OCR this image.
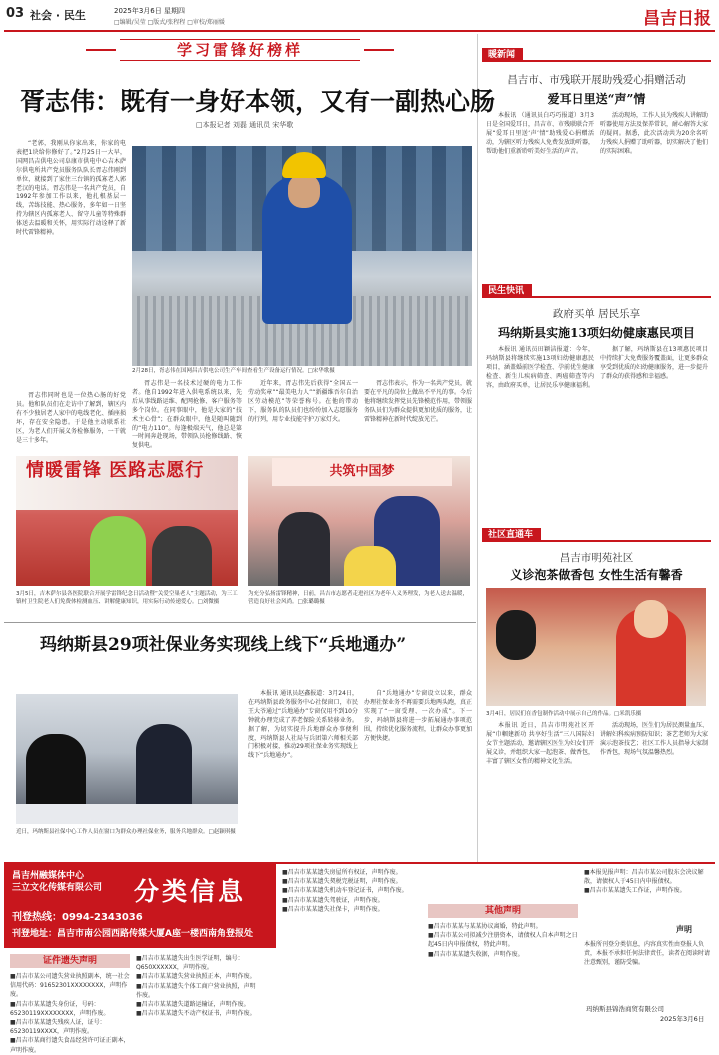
03 社会 · 民生	2025年3月6日 星期四
□编辑/吴莹 □版式/张程程 □审校/郑丽媛	昌吉日报
学习雷锋好榜样
胥志伟：既有一身好本领，又有一副热心肠
□本报记者 刘磊 通讯员 宋华歌
“老郭，我刚从你家出来，你家的电表把1块给你修好了。”2月25日一大早，国网昌吉供电公司阜康市供电中心吉木萨尔供电所共产党员服务队队长胥志伟刚到单位，就接到了家住三台镇的孤寡老人郭老汉的电话。胥志伟是一名共产党员，自1992年参加工作以来，他扎根基层一线，苦练技能、热心服务，多年如一日坚持为辖区内孤寡老人、留守儿童等特殊群体送去温暖和关怀，用实际行动诠释了新时代雷锋精神。
2月28日，胥志伟在国网昌吉供电公司生产车间查看生产设备运行情况。□宋华歌摄
胥志伟是一名技术过硬的电力工作者。他自1992年进入供电系统以来，先后从事线路运维、配网抢修、客户服务等多个岗位。在同事眼中，他是大家的“技术主心骨”；在群众眼中，他是随叫随到的“电力110”。每逢极端天气，他总是第一时间奔赴现场，带领队员抢修线路、恢复供电。
近年来，胥志伟先后获得“全国五一劳动奖章”“最美电力人”“新疆维吾尔自治区劳动模范”等荣誉称号。在他的带动下，服务队的队员们也纷纷加入志愿服务的行列，用专业技能守护万家灯火。
胥志伟表示，作为一名共产党员，就要在平凡的岗位上做出不平凡的事。今后他将继续发挥党员先锋模范作用，带领服务队员们为群众提供更加优质的服务，让雷锋精神在新时代绽放光芒。
胥志伟同时也是一位热心肠的好党员。他和队员们在走访中了解到，辖区内有不少独居老人家中的电线老化、插座损坏，存在安全隐患。于是他主动联系社区，为老人们开展义务检修服务，一干就是三十多年。
情暖雷锋 医路志愿行
3月5日，吉木萨尔县各医院联合开展学雷锋纪念日活动暨“关爱空巢老人”主题活动，为三工镇村卫生院老人们免费体检测血压、讲解健康知识，用实际行动传递爱心。□刘微摄
共筑中国梦
为充分弘扬雷锋精神，日前，昌吉市志愿者走进社区为老年人义务理发，为老人送去温暖，营造良好社会风尚。□张璐璐摄
玛纳斯县29项社保业务实现线上线下“兵地通办”
近日，玛纳斯县社保中心工作人员在窗口为群众办理社保业务，服务兵地群众。□赵颖琪摄
本报讯 通讯员赵鑫报道：3月24日，在玛纳斯县政务服务中心社保窗口，市民王大爷通过“兵地通办”专窗仅用不到10分钟就办理完成了养老保险关系转移业务。据了解，为切实提升兵地群众办事便利度，玛纳斯县人社局与兵团第六师相关部门积极对接，推动29项社保业务实现线上线下“兵地通办”。
自“兵地通办”专窗设立以来，群众办理社保业务不再需要兵地两头跑，真正实现了“一窗受理、一次办成”。下一步，玛纳斯县将进一步拓展通办事项范围，持续优化服务流程，让群众办事更加方便快捷。
暖新闻
昌吉市、市残联开展助残爱心捐赠活动
爱耳日里送“声”情
本报讯 （通讯员白巧巧报道）3月3日是全国爱耳日，昌吉市、市残联联合开展“爱耳日里送‘声’情”助残爱心捐赠活动，为辖区听力残疾人免费发放助听器，帮助他们重新聆听美好生活的声音。
活动现场，工作人员为残疾人讲解助听器使用方法及保养常识，耐心解答大家的疑问。据悉，此次活动共为20余名听力残疾人捐赠了助听器，切实解决了他们的实际困难。
民生快讯
政府买单 居民乐享
玛纳斯县实施13项妇幼健康惠民项目
本报讯 通讯员田颖洁报道：今年，玛纳斯县将继续实施13项妇幼健康惠民项目，涵盖婚前医学检查、孕前优生健康检查、新生儿疾病筛查、两癌筛查等内容，由政府买单，让居民乐享健康福利。
据了解，玛纳斯县在13项惠民项目中持续扩大免费服务覆盖面，让更多群众享受到优质的妇幼健康服务，进一步提升了群众的获得感和幸福感。
社区直通车
昌吉市明苑社区
义诊泡茶做香包 女性生活有馨香
3月4日，居民们在香包制作活动中展示自己的作品。□米凯乐摄
本报讯 近日，昌吉市明苑社区开展“巾帼建新功 共享好生活”三八国际妇女节主题活动，邀请辖区医生为妇女们开展义诊，并组织大家一起泡茶、做香包，丰富了辖区女性的精神文化生活。
活动现场，医生们为居民测量血压、讲解妇科疾病预防知识；茶艺老师为大家演示泡茶技艺；社区工作人员指导大家制作香包，现场气氛温馨热烈。
昌吉州融媒体中心
三立文化传媒有限公司 分类信息
刊登热线：0994-2343036
刊登地址：昌吉市南公园西路传媒大厦A座一楼西南角登报处
证件遗失声明
■昌吉市某公司遗失营业执照副本，统一社会信用代码：91652301XXXXXXXX，声明作废。
■昌吉市某某遗失身份证，号码：65230119XXXXXXXX，声明作废。
■昌吉市某某遗失残疾人证，证号：65230119XXXX，声明作废。
■昌吉市某商行遗失食品经营许可证正副本，声明作废。
■昌吉市某某遗失出生医学证明，编号：Q650XXXXXX，声明作废。
■昌吉市某某遗失营业执照正本，声明作废。
■昌吉市某某遗失个体工商户营业执照，声明作废。
■昌吉市某某遗失道路运输证，声明作废。
■昌吉市某某遗失不动产权证书，声明作废。
■昌吉市某某遗失房屋所有权证，声明作废。
■昌吉市某某遗失契税完税证明，声明作废。
■昌吉市某某遗失机动车登记证书，声明作废。
■昌吉市某某遗失驾驶证，声明作废。
■昌吉市某某遗失社保卡，声明作废。	其他声明
■昌吉市某某与某某协议离婚，特此声明。
■昌吉市某公司拟减少注册资本，请债权人自本声明之日起45日内申报债权，特此声明。
■昌吉市某某遗失收据，声明作废。
■本报见报声明：昌吉市某公司股东会决议解散，请债权人于45日内申报债权。
■昌吉市某某遗失工作证，声明作废。
本报所刊登分类信息，内容真实性由登报人负责，本报不承担任何法律责任，读者在阅读时请注意甄别，谨防受骗。
声明
玛纳斯县锦浩商贸有限公司
2025年3月6日
